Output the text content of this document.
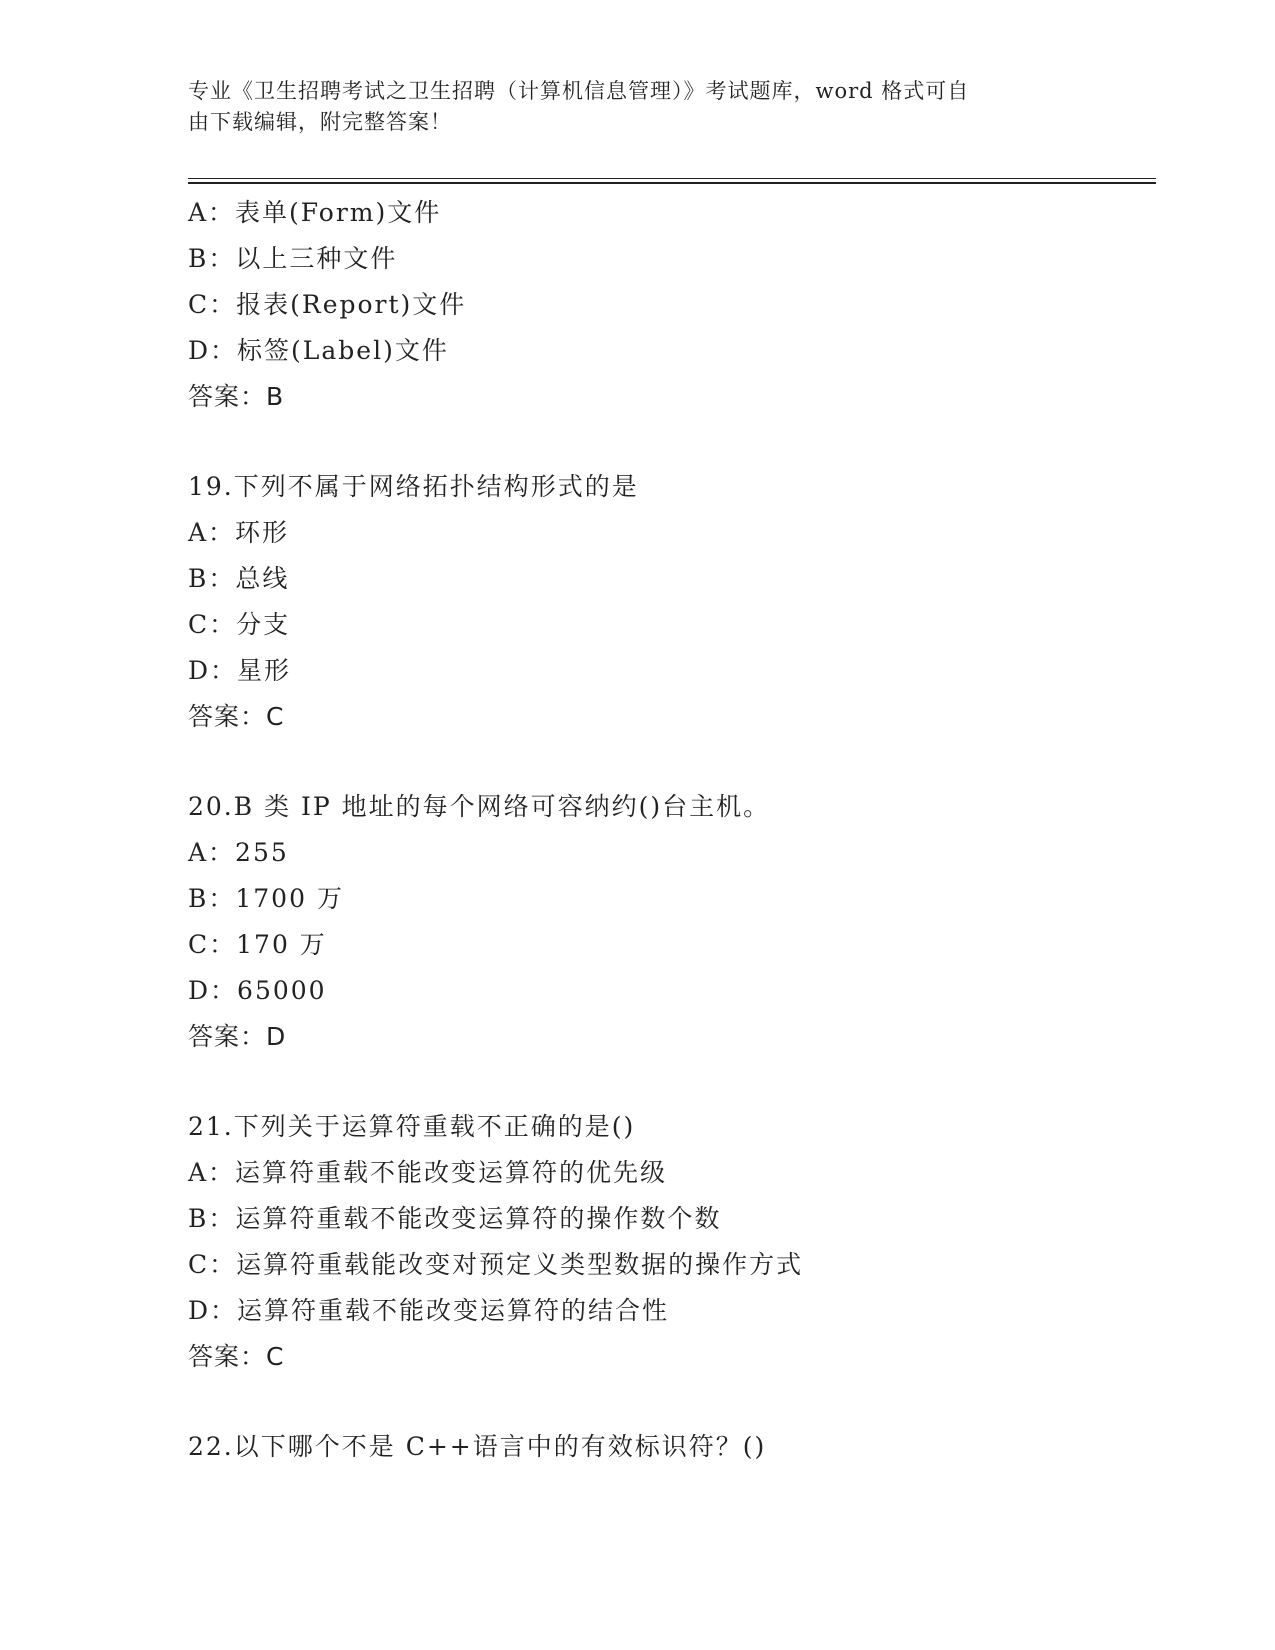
专业《卫生招聘考试之卫生招聘（计算机信息管理）》考试题库，word 格式可自
由下载编辑，附完整答案！
A：表单(Form)文件
B：以上三种文件
C：报表(Report)文件
D：标签(Label)文件
答案：B
19.下列不属于网络拓扑结构形式的是
A：环形
B：总线
C：分支
D：星形
答案：C
20.B 类 IP 地址的每个网络可容纳约()台主机。
A：255
B：1700 万
C：170 万
D：65000
答案：D
21.下列关于运算符重载不正确的是()
A：运算符重载不能改变运算符的优先级
B：运算符重载不能改变运算符的操作数个数
C：运算符重载能改变对预定义类型数据的操作方式
D：运算符重载不能改变运算符的结合性
答案：C
22.以下哪个不是 C++语言中的有效标识符？()
